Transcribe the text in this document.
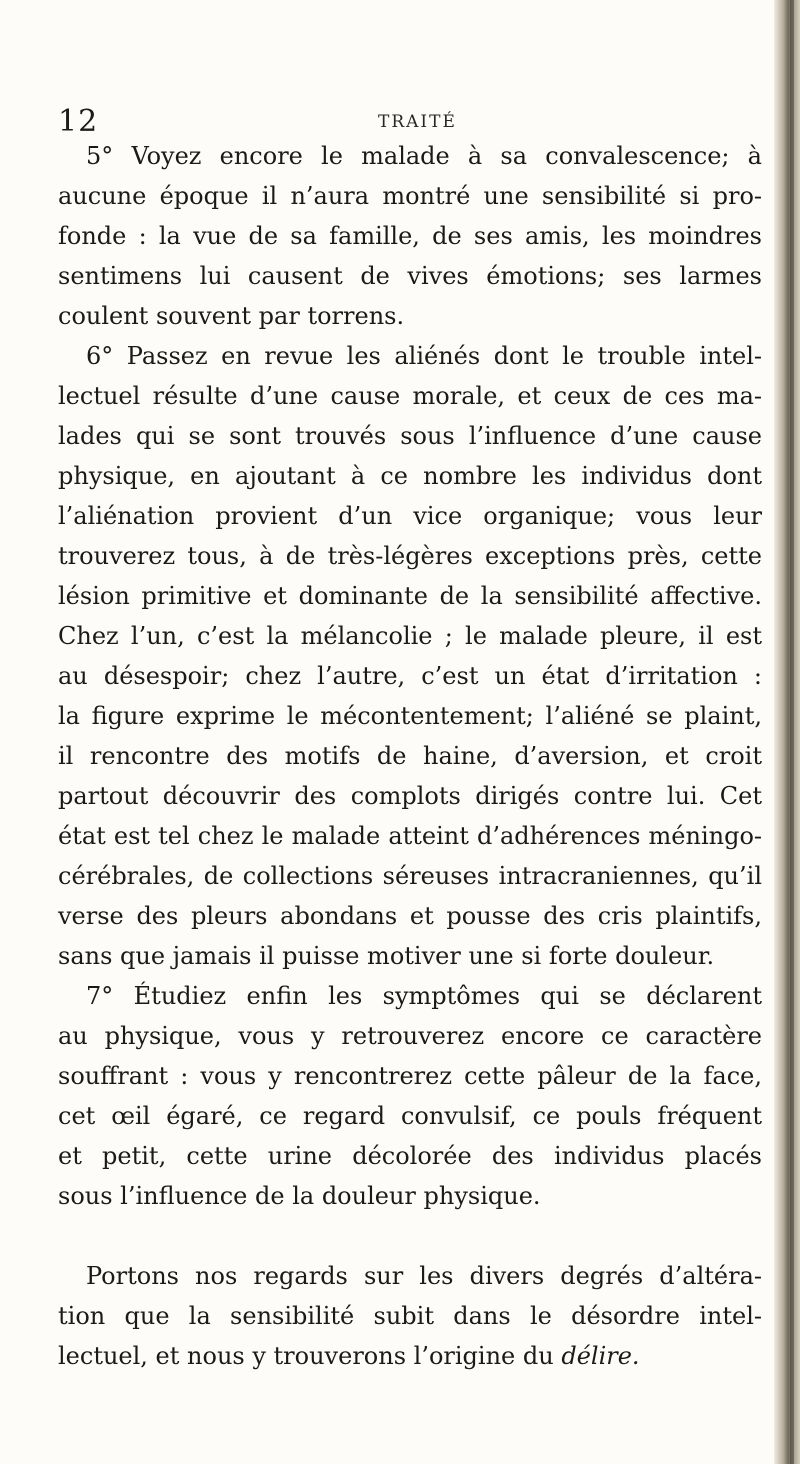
12	TRAITÉ
5° Voyez encore le malade à sa convalescence; à
aucune époque il n’aura montré une sensibilité si pro-
fonde : la vue de sa famille, de ses amis, les moindres
sentimens lui causent de vives émotions; ses larmes
coulent souvent par torrens.
6° Passez en revue les aliénés dont le trouble intel-
lectuel résulte d’une cause morale, et ceux de ces ma-
lades qui se sont trouvés sous l’influence d’une cause
physique, en ajoutant à ce nombre les individus dont
l’aliénation provient d’un vice organique; vous leur
trouverez tous, à de très-légères exceptions près, cette
lésion primitive et dominante de la sensibilité affective.
Chez l’un, c’est la mélancolie ; le malade pleure, il est
au désespoir; chez l’autre, c’est un état d’irritation :
la figure exprime le mécontentement; l’aliéné se plaint,
il rencontre des motifs de haine, d’aversion, et croit
partout découvrir des complots dirigés contre lui. Cet
état est tel chez le malade atteint d’adhérences méningo-
cérébrales, de collections séreuses intracraniennes, qu’il
verse des pleurs abondans et pousse des cris plaintifs,
sans que jamais il puisse motiver une si forte douleur.
7° Étudiez enfin les symptômes qui se déclarent
au physique, vous y retrouverez encore ce caractère
souffrant : vous y rencontrerez cette pâleur de la face,
cet œil égaré, ce regard convulsif, ce pouls fréquent
et petit, cette urine décolorée des individus placés
sous l’influence de la douleur physique.
Portons nos regards sur les divers degrés d’altéra-
tion que la sensibilité subit dans le désordre intel-
lectuel, et nous y trouverons l’origine du délire.
